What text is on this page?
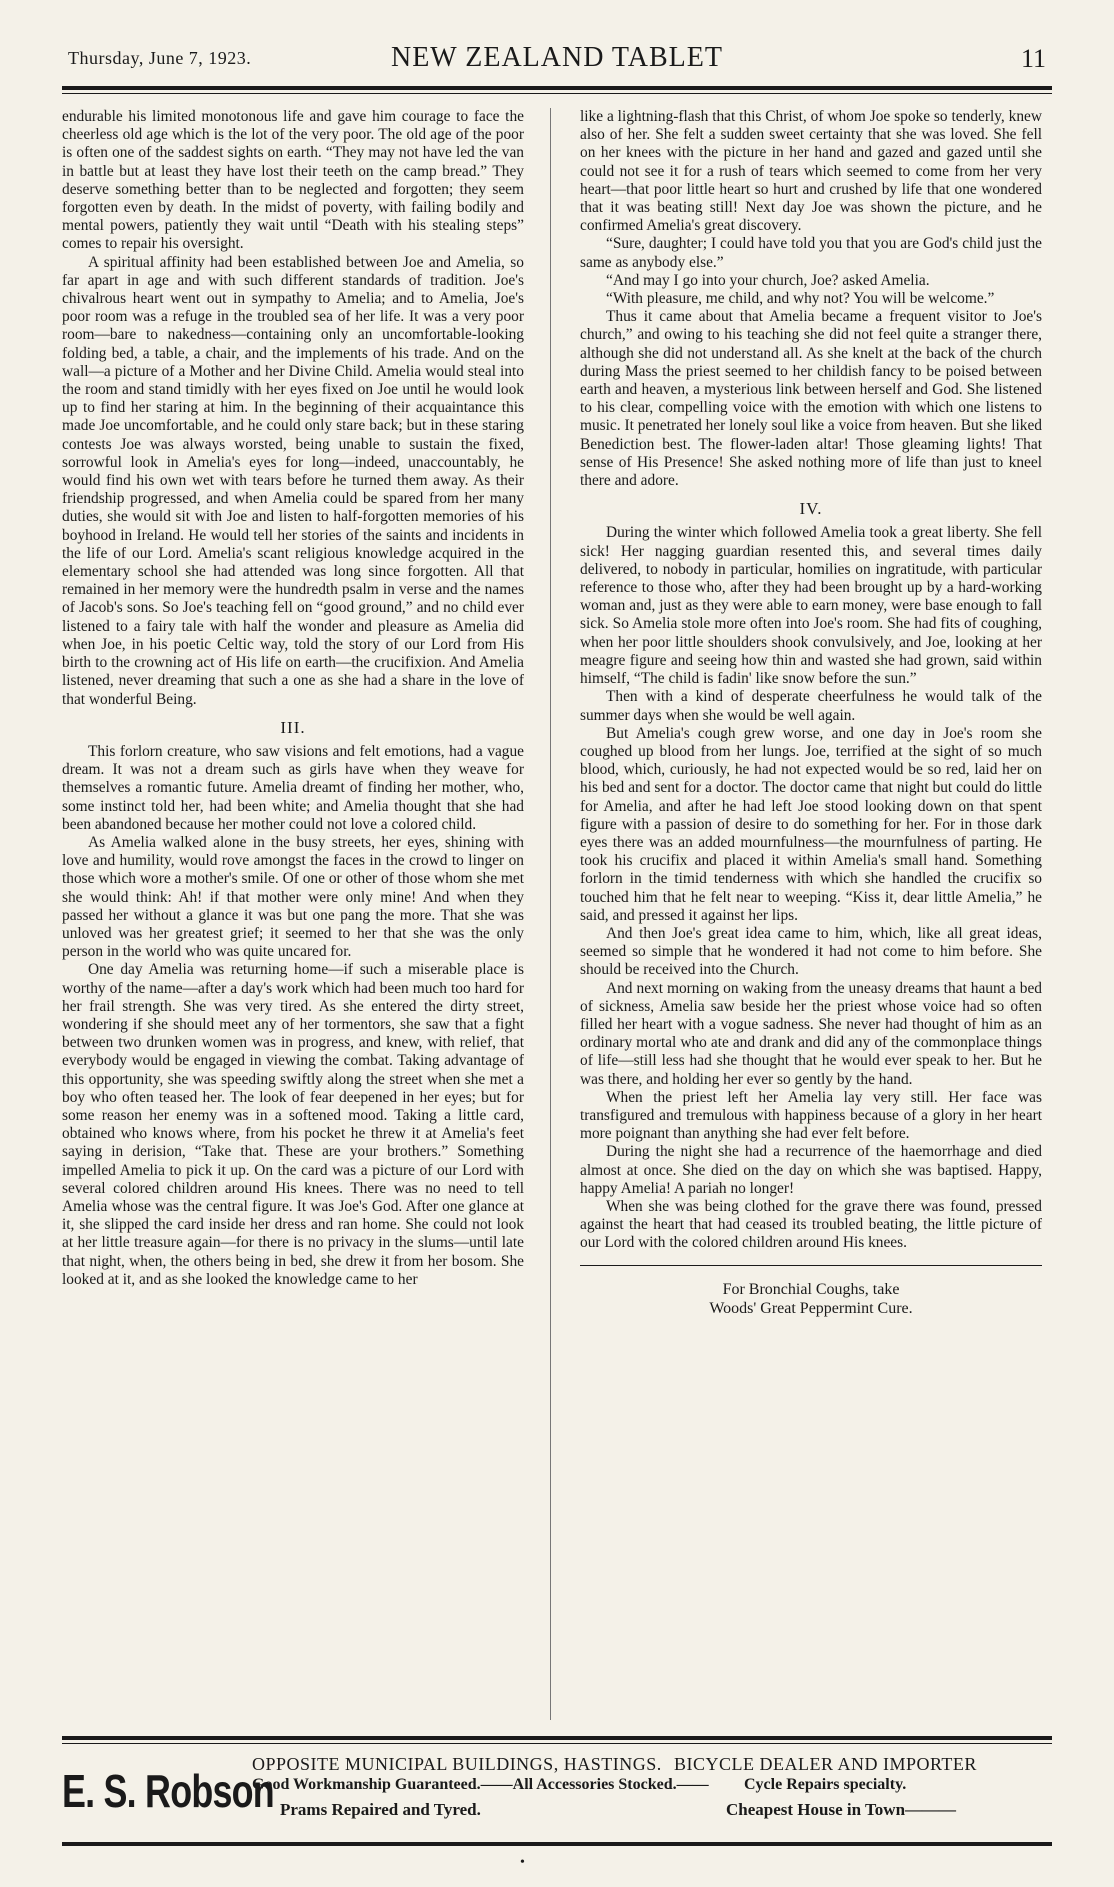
Thursday, June 7, 1923.	NEW ZEALAND TABLET	11

endurable his limited monotonous life and gave him courage to face the cheerless old age which is the lot of the very poor. The old age of the poor is often one of the saddest sights on earth. “They may not have led the van in battle but at least they have lost their teeth on the camp bread.” They deserve something better than to be neglected and forgotten; they seem forgotten even by death. In the midst of poverty, with failing bodily and mental powers, patiently they wait until “Death with his stealing steps” comes to repair his oversight.

A spiritual affinity had been established between Joe and Amelia, so far apart in age and with such different standards of tradition. Joe's chivalrous heart went out in sympathy to Amelia; and to Amelia, Joe's poor room was a refuge in the troubled sea of her life. It was a very poor room—bare to nakedness—containing only an uncomfortable-looking folding bed, a table, a chair, and the implements of his trade. And on the wall—a picture of a Mother and her Divine Child. Amelia would steal into the room and stand timidly with her eyes fixed on Joe until he would look up to find her staring at him. In the beginning of their acquaintance this made Joe uncomfortable, and he could only stare back; but in these staring contests Joe was always worsted, being unable to sustain the fixed, sorrowful look in Amelia's eyes for long—indeed, unaccountably, he would find his own wet with tears before he turned them away. As their friendship progressed, and when Amelia could be spared from her many duties, she would sit with Joe and listen to half-forgotten memories of his boyhood in Ireland. He would tell her stories of the saints and incidents in the life of our Lord. Amelia's scant religious knowledge acquired in the elementary school she had attended was long since forgotten. All that remained in her memory were the hundredth psalm in verse and the names of Jacob's sons. So Joe's teaching fell on “good ground,” and no child ever listened to a fairy tale with half the wonder and pleasure as Amelia did when Joe, in his poetic Celtic way, told the story of our Lord from His birth to the crowning act of His life on earth—the crucifixion. And Amelia listened, never dreaming that such a one as she had a share in the love of that wonderful Being.

III.

This forlorn creature, who saw visions and felt emotions, had a vague dream. It was not a dream such as girls have when they weave for themselves a romantic future. Amelia dreamt of finding her mother, who, some instinct told her, had been white; and Amelia thought that she had been abandoned because her mother could not love a colored child.

As Amelia walked alone in the busy streets, her eyes, shining with love and humility, would rove amongst the faces in the crowd to linger on those which wore a mother's smile. Of one or other of those whom she met she would think: Ah! if that mother were only mine! And when they passed her without a glance it was but one pang the more. That she was unloved was her greatest grief; it seemed to her that she was the only person in the world who was quite uncared for.

One day Amelia was returning home—if such a miserable place is worthy of the name—after a day's work which had been much too hard for her frail strength. She was very tired. As she entered the dirty street, wondering if she should meet any of her tormentors, she saw that a fight between two drunken women was in progress, and knew, with relief, that everybody would be engaged in viewing the combat. Taking advantage of this opportunity, she was speeding swiftly along the street when she met a boy who often teased her. The look of fear deepened in her eyes; but for some reason her enemy was in a softened mood. Taking a little card, obtained who knows where, from his pocket he threw it at Amelia's feet saying in derision, “Take that. These are your brothers.” Something impelled Amelia to pick it up. On the card was a picture of our Lord with several colored children around His knees. There was no need to tell Amelia whose was the central figure. It was Joe's God. After one glance at it, she slipped the card inside her dress and ran home. She could not look at her little treasure again—for there is no privacy in the slums—until late that night, when, the others being in bed, she drew it from her bosom. She looked at it, and as she looked the knowledge came to her

like a lightning-flash that this Christ, of whom Joe spoke so tenderly, knew also of her. She felt a sudden sweet certainty that she was loved. She fell on her knees with the picture in her hand and gazed and gazed until she could not see it for a rush of tears which seemed to come from her very heart—that poor little heart so hurt and crushed by life that one wondered that it was beating still! Next day Joe was shown the picture, and he confirmed Amelia's great discovery.

“Sure, daughter; I could have told you that you are God's child just the same as anybody else.”

“And may I go into your church, Joe? asked Amelia.

“With pleasure, me child, and why not? You will be welcome.”

Thus it came about that Amelia became a frequent visitor to Joe's church,” and owing to his teaching she did not feel quite a stranger there, although she did not understand all. As she knelt at the back of the church during Mass the priest seemed to her childish fancy to be poised between earth and heaven, a mysterious link between herself and God. She listened to his clear, compelling voice with the emotion with which one listens to music. It penetrated her lonely soul like a voice from heaven. But she liked Benediction best. The flower-laden altar! Those gleaming lights! That sense of His Presence! She asked nothing more of life than just to kneel there and adore.

IV.

During the winter which followed Amelia took a great liberty. She fell sick! Her nagging guardian resented this, and several times daily delivered, to nobody in particular, homilies on ingratitude, with particular reference to those who, after they had been brought up by a hard-working woman and, just as they were able to earn money, were base enough to fall sick. So Amelia stole more often into Joe's room. She had fits of coughing, when her poor little shoulders shook convulsively, and Joe, looking at her meagre figure and seeing how thin and wasted she had grown, said within himself, “The child is fadin' like snow before the sun.”

Then with a kind of desperate cheerfulness he would talk of the summer days when she would be well again.

But Amelia's cough grew worse, and one day in Joe's room she coughed up blood from her lungs. Joe, terrified at the sight of so much blood, which, curiously, he had not expected would be so red, laid her on his bed and sent for a doctor. The doctor came that night but could do little for Amelia, and after he had left Joe stood looking down on that spent figure with a passion of desire to do something for her. For in those dark eyes there was an added mournfulness—the mournfulness of parting. He took his crucifix and placed it within Amelia's small hand. Something forlorn in the timid tenderness with which she handled the crucifix so touched him that he felt near to weeping. “Kiss it, dear little Amelia,” he said, and pressed it against her lips.

And then Joe's great idea came to him, which, like all great ideas, seemed so simple that he wondered it had not come to him before. She should be received into the Church.

And next morning on waking from the uneasy dreams that haunt a bed of sickness, Amelia saw beside her the priest whose voice had so often filled her heart with a vogue sadness. She never had thought of him as an ordinary mortal who ate and drank and did any of the commonplace things of life—still less had she thought that he would ever speak to her. But he was there, and holding her ever so gently by the hand.

When the priest left her Amelia lay very still. Her face was transfigured and tremulous with happiness because of a glory in her heart more poignant than anything she had ever felt before.

During the night she had a recurrence of the haemorrhage and died almost at once. She died on the day on which she was baptised. Happy, happy Amelia! A pariah no longer!

When she was being clothed for the grave there was found, pressed against the heart that had ceased its troubled beating, the little picture of our Lord with the colored children around His knees.

For Bronchial Coughs, take
Woods' Great Peppermint Cure.
E. S. Robson
OPPOSITE MUNICIPAL BUILDINGS, HASTINGS.
Good Workmanship Guaranteed.——All Accessories Stocked.——
Prams Repaired and Tyred.
BICYCLE DEALER AND IMPORTER
Cycle Repairs specialty.
Cheapest House in Town———
•
